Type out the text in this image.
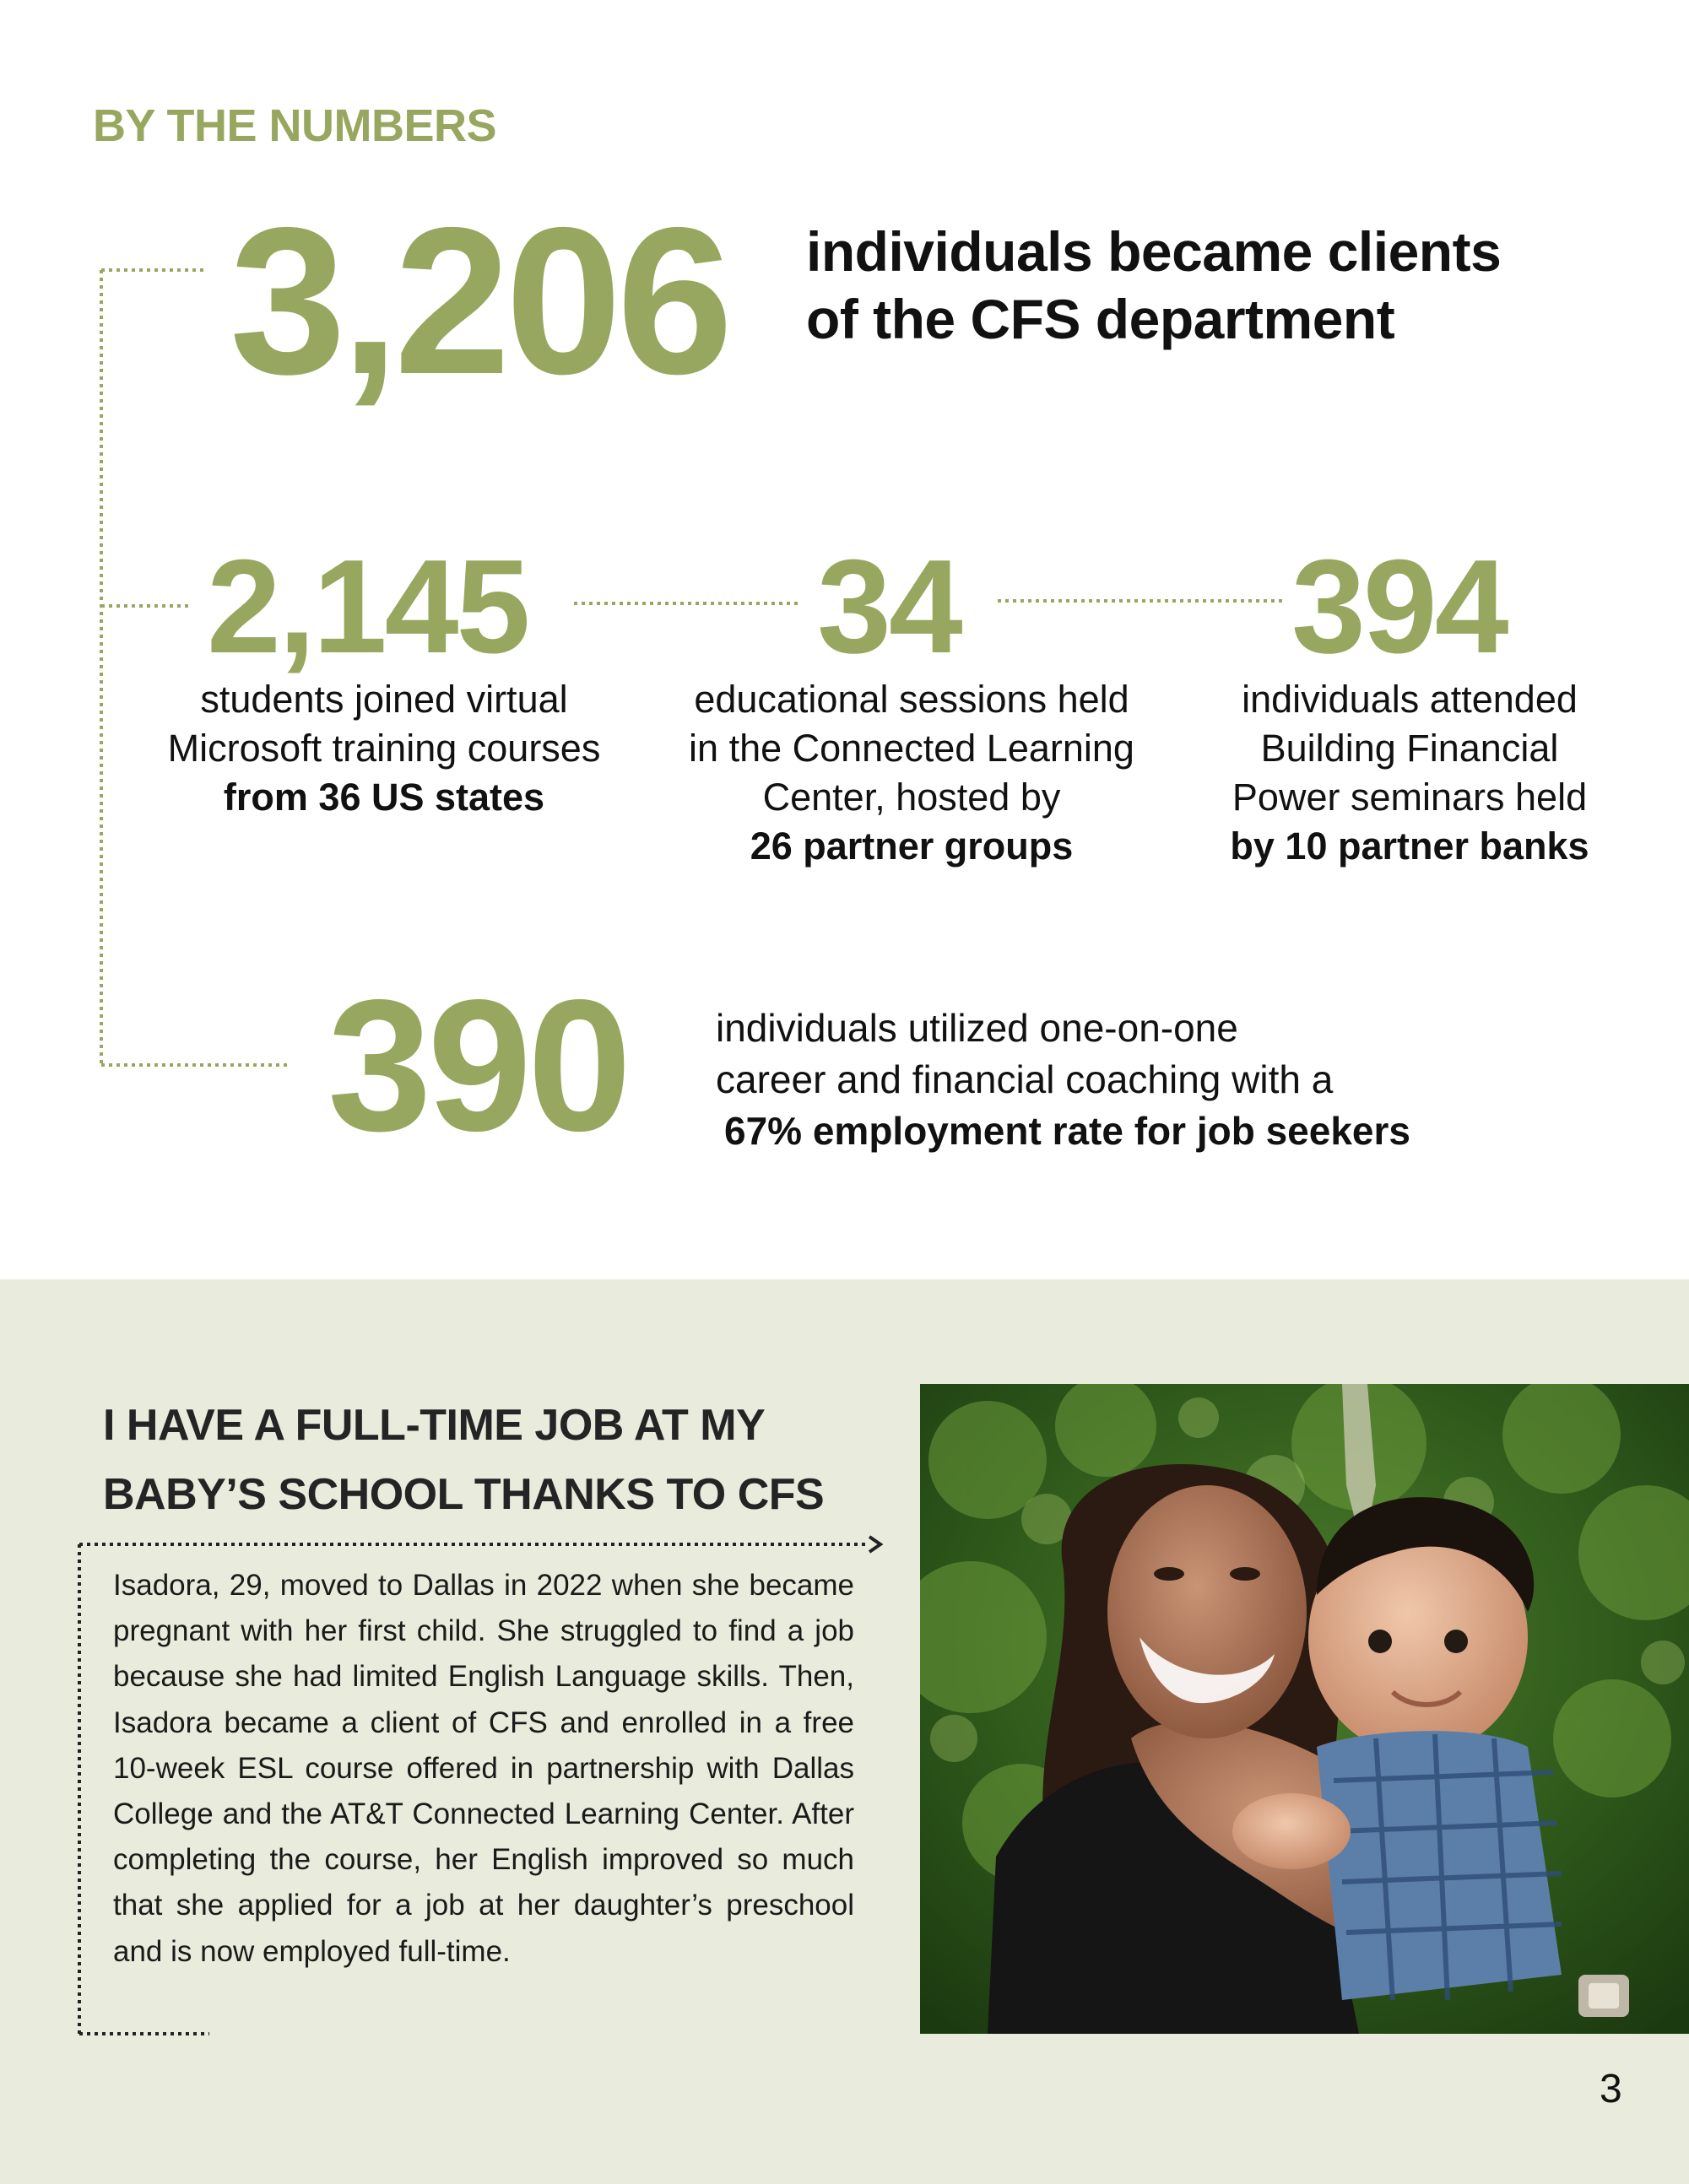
BY THE NUMBERS
3,206 individuals became clients
of the CFS department
2,145
students joined virtual
Microsoft training courses
from 36 US states
34
educational sessions held
in the Connected Learning
Center, hosted by
26 partner groups
394
individuals attended
Building Financial
Power seminars held
by 10 partner banks
390 individuals utilized one-on-one
career and financial coaching with a
67% employment rate for job seekers
I HAVE A FULL-TIME JOB AT MY
BABY’S SCHOOL THANKS TO CFS
Isadora, 29, moved to Dallas in 2022 when she became pregnant with her first child. She struggled to find a job because she had limited English Language skills. Then, Isadora became a client of CFS and enrolled in a free 10-week ESL course offered in partnership with Dallas College and the AT&T Connected Learning Center. After completing the course, her English improved so much that she applied for a job at her daughter’s preschool and is now employed full-time.
3
